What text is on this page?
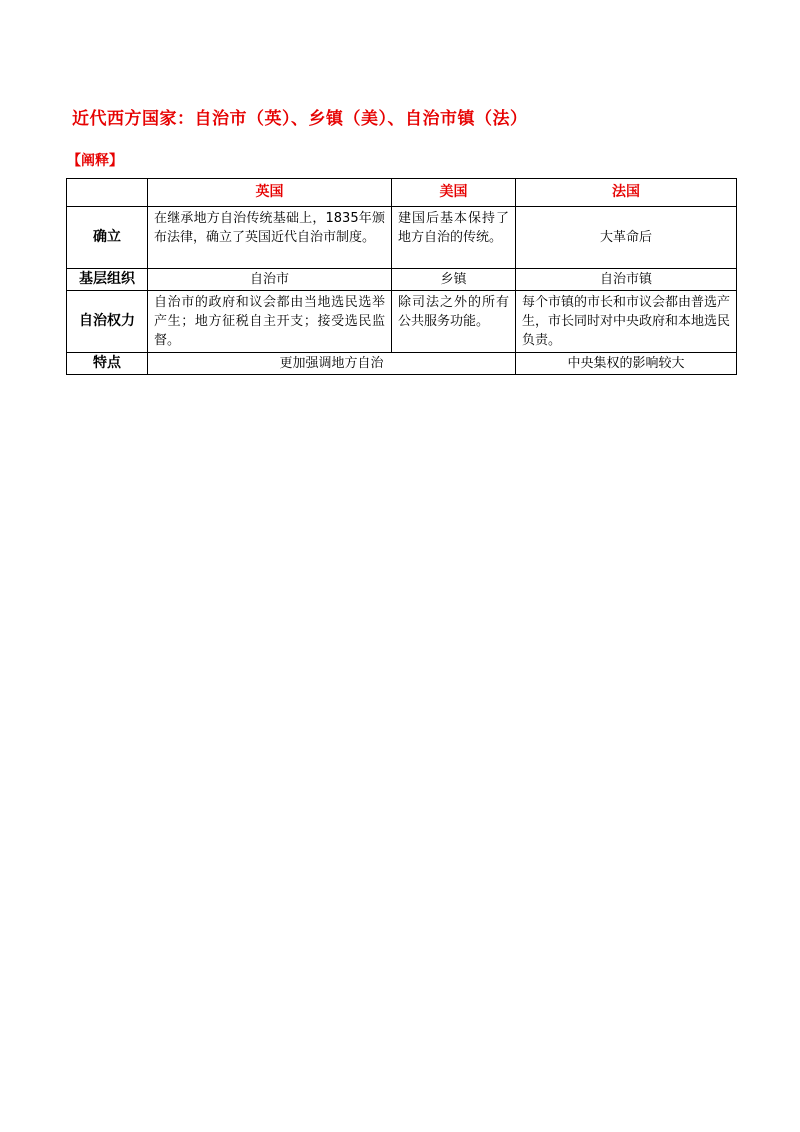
近代西方国家：自治市（英）、乡镇（美）、自治市镇（法）
【阐释】
	英国	美国	法国
确立	在继承地方自治传统基础上，1835年颁布法律，确立了英国近代自治市制度。	建国后基本保持了地方自治的传统。	大革命后
基层组织	自治市	乡镇	自治市镇
自治权力	自治市的政府和议会都由当地选民选举产生；地方征税自主开支；接受选民监督。	除司法之外的所有公共服务功能。	每个市镇的市长和市议会都由普选产生，市长同时对中央政府和本地选民负责。
特点	更加强调地方自治		中央集权的影响较大
